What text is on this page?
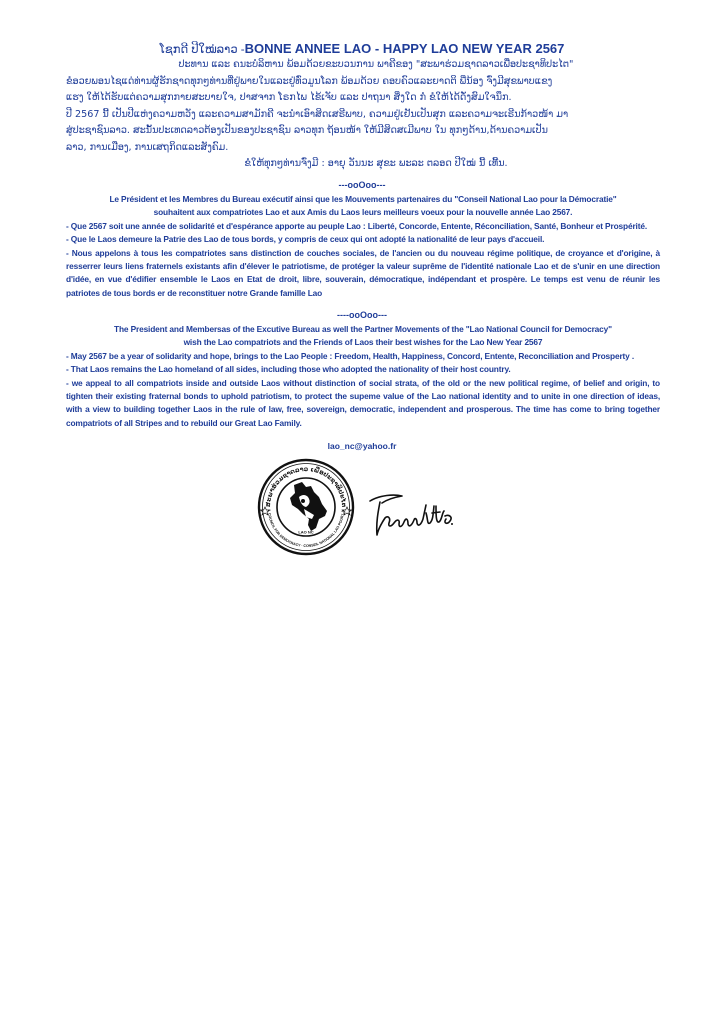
ໂຊກດີ ປີໃໝ່ລາວ -BONNE ANNEE LAO - HAPPY LAO NEW YEAR 2567
ປະທານ ແລະ ຄນະບໍລິຫານ ພ້ອມດ້ວຍຂະບວນການ ພາຄີຂອງ "ສະພາຮ່ວມຊາດລາວເພື່ອປະຊາທິປະໄຕ"
ຂໍອວຍພອນໄຊແດ່ທ່ານຜູ້ຮັກຊາດທຸກໆທ່ານທີ່ຢູ່ພາຍໃນແລະຢູ່ທົ່ວມູນໂລກ ພ້ອມດ້ວຍ ຄອບຄົວແລະຍາດຕິ ພີ່ນ້ອງ ຈົ່ງມີສຸຂພາບແຂງ
ແຮງ ໃຫ້ໄດ້ຮັບແຕ່ຄວາມສຸກກາຍສະບາຍໃຈ, ປາສຈາກ ໂຣກໄພ ໄຂ້ເຈັບ ແລະ ປາຖນາ ສິ່ງໃດ ກໍ ຂໍໃຫ້ໄດ້ດັ່ງສົມໃຈນຶກ.
ປີ 2567 ນີ້ ເປັນປີແຫ່ງຄວາມຫວັງ ແລະຄວາມສາມັກຄີ ຈະນຳເອົາສິດເສຣີພາບ, ຄວາມຢູ່ເຢັນເປັນສຸກ ແລະຄວາມຈະເຣີນກ້າວໜ້າ ມາ
ສູ່ປະຊາຊົນລາວ. ສະນັ້ນປະເທດລາວຕ້ອງເປັນຂອງປະຊາຊົນ ລາວທຸກ ຖ້ອນໜ້າ ໃຫ້ມີສິດສເມີພາບ ໃນ ທຸກໆດ້ານ,ດ້ານຄວາມເປັນ
ລາວ, ການເມືອງ, ການເສຖກິດແລະສັງຄົມ.
ຂໍໃຫ້ທຸກໆທ່ານຈົ່ງມີ : ອາຍຸ ວັນນະ ສຸຂະ ພະລະ ຕລອດ ປີໃໝ່ ນີ້ ເທີ້ນ.
---ooOoo---
Le Président et les Membres du Bureau exécutif ainsi que les Mouvements partenaires du "Conseil National Lao pour la Démocratie"
souhaitent aux compatriotes Lao et aux Amis du Laos leurs meilleurs voeux pour la nouvelle année Lao 2567.

- Que 2567 soit une année de solidarité et d'espérance apporte au peuple Lao : Liberté, Concorde, Entente, Réconciliation, Santé, Bonheur et Prospérité.

- Que le Laos demeure la Patrie des Lao de tous bords, y compris de ceux qui ont adopté la nationalité de leur pays d'accueil.

- Nous appelons à tous les compatriotes sans distinction de couches sociales, de l'ancien ou du nouveau régime politique, de croyance et d'origine, à resserrer leurs liens fraternels existants afin d'élever le patriotisme, de protéger la valeur suprême de l'identité nationale Lao et de s'unir en une direction d'idée, en vue d'édifier ensemble le Laos en Etat de droit, libre, souverain, démocratique, indépendant et prospère. Le temps est venu de réunir les patriotes de tous bords er de reconstituer notre Grande famille Lao

----ooOoo---
The President and Membersas of the Excutive Bureau as well the Partner Movements of the "Lao National Council for Democracy"
wish the Lao compatriots and the Friends of Laos their best wishes for the Lao New Year 2567

- May 2567 be a year of solidarity and hope, brings to the Lao People : Freedom, Health, Happiness, Concord, Entente, Reconciliation and Prosperty .

- That Laos remains the Lao homeland of all sides, including those who adopted the nationality of their host country.

- we appeal to all compatriots inside and outside Laos without distinction of social strata, of the old or the new political regime, of belief and origin, to tighten their existing fraternal bonds to uphold patriotism, to protect the supeme value of the Lao national identity and to unite in one direction of ideas, with a view to building together Laos in the rule of law, free, sovereign, democratic, independent and prosperous. The time has come to bring together compatriots of all Stripes and to rebuild our Great Lao Family.

lao_nc@yahoo.fr
ສະພາຮ່ວມຊາດລາວ ເພື່ອປະຊາທິປະໄຕ
L COUNCIL FOR DEMOCRACY · CONSEIL NATIONAL LAO POUR LA
LAO NC
